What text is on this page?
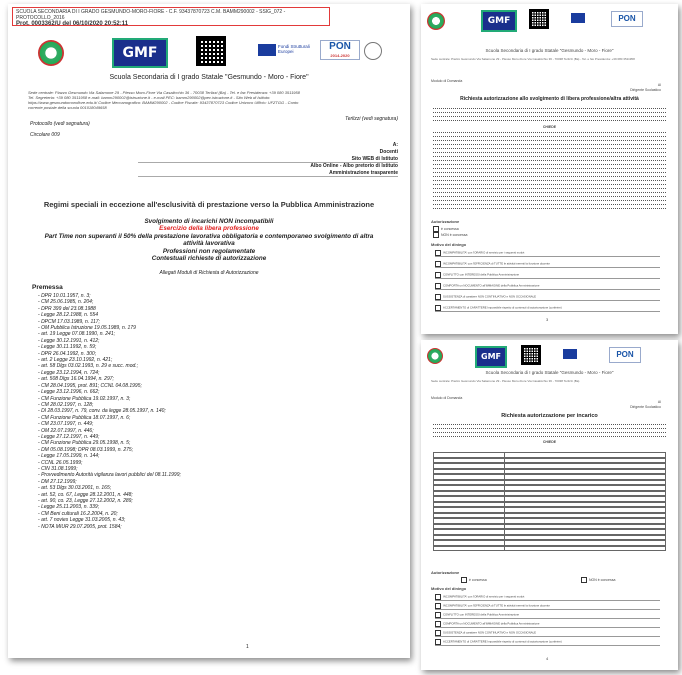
SCUOLA SECONDARIA DI I GRADO GESMUNDO-MORO-FIORE - C.F. 93437870723 C.M. BAMM290002 - SSIG_072 - PROTOCOLLO_2016
Prot. 0003362/U del 06/10/2020 20:52:11
GMF	Fondi Strutturali Europei	PON
2014-2020
Scuola Secondaria di I grado Statale "Gesmundo - Moro - Fiore"
Sede centrale: Piazzo Gesmundo Via Salamone 29 - Plesso Moro-Fiore Via Casalicchio 36 - 70038 Terlizzi (Ba) - Tel. e fax Presidenza: +39 080 3511958
Tel. Segreteria: +39 080 3511958 e-mail: bamm290002@istruzione.it - e-mail PEC: bamm290002@pec.istruzione.it - Sito Web di Istituto:
https://www.gesmundomorofiore.edu.it/ Codice Meccanografico: BAMM290002 - Codice Fiscale: 93437870723 Codice Univoco Ufficio: UFZTGG - Conto
corrente postale della scuola 001018049658
Terlizzi (vedi segnatura)
Protocollo (vedi segnatura)
Circolare 009
A:
Docenti
Sito WEB di Istituto
Albo Online - Albo pretorio di Istituto
Amministrazione trasparente
Regimi speciali in eccezione all'esclusività di prestazione verso la Pubblica Amministrazione
Svolgimento di incarichi NON incompatibili
Esercizio della libera professione
Part Time non superanti il 50% della prestazione lavorativa obbligatoria e contemporaneo svolgimento di altra attività lavorativa
Professioni non regolamentate
Contestuali richieste di autorizzazione
Allegati Moduli di Richiesta di Autorizzazione
Premessa
- DPR 10.01.1957, n. 3;
- CM 25.06.1985, n. 204;
- DPR 399 del 23.08.1988
- Legge 28.12.1988, n. 554
- DPCM 17.03.1989, n. 117;
- OM Pubblica Istruzione 19.05.1989, n. 179
- art. 19 Legge 07.08.1990, n. 241;
- Legge 30.12.1991, n. 412;
- Legge 30.11.1992, n. 59;
- DPR 26.04.1992, n. 300;
- art. 2 Legge 23.10.1992, n. 421;
- art. 58 Dlgs 03.02.1993, n. 29 e succ. mod.;
- Legge 23.12.1994, n. 724;
- art. 508 Dlgs 16.04.1994, n. 297;
- CM 28.04.1995, prot. 891; CCNL 04.08.1995;
- Legge 23.12.1996, n. 662;
- CM Funzione Pubblica 19.02.1997, n. 3;
- CM 28.02.1997, n. 128;
- DI 28.03.1997, n. 79, conv. da legge 28.05.1997, n. 140;
- CM Funzione Pubblica 18.07.1997, n. 6;
- CM 23.07.1997, n. 449;
- OM 22.07.1997, n. 446;
- Legge 27.12.1997, n. 449;
- CM Funzione Pubblica 29.05.1998, n. 5;
- DM 05.08.1998; DPR 08.03.1999, n. 275;
- Legge 17.05.1999, n. 144;
- CCNL 26.05.1999;
- CIN 31.08.1999;
- Provvedimento Autorità vigilanza lavori pubblici del 08.11.1999;
- DM 27.12.1999;
- art. 53 Dlgs 30.03.2001, n. 165;
- art. 52, co. 67, Legge 28.12.2001, n. 448;
- art. 90, co. 23, Legge 27.12.2002, n. 289;
- Legge 25.11.2003, n. 339;
- CM Beni culturali 16.2.2004, n. 20;
- art. 7 novies Legge 31.03.2005, n. 43;
- NOTA MIUR 29.07.2005, prot. 1584;
1
GMF	PON
Scuola Secondaria di I grado Statale "Gesmundo - Moro - Fiore"
Sede centrale: Piazzo Gesmundo Via Salamone 29 - Plesso Moro-Fiore Via Casalicchio 36 - 70038 Terlizzi (Ba) - Tel. e fax Presidenza: +39 080 3511958
Modulo di Domanda
Al
Dirigente Scolastico
Richiesta autorizzazione allo svolgimento di libera professione/altra attività
CHIEDE
Autorizzazione
è concessa
NON è concessa
Motivo del diniego
INCOMPATIBILITA' con l'ORARIO di servizio per i seguenti motivi:
INCOMPATIBILITA' con l'EFFICIENZA di TUTTE le attività inerenti la funzione docente
CONFLITTO con INTERESSI della Pubblica Amministrazione
COMPORTA un NOCUMENTO all'IMMAGINE della Pubblica Amministrazione
SUSSISTENZA di carattere NON CONTINUATIVO e NON OCCASIONALE
ACCERTAMENTO di CARATTERE Impossibile rispetto di contenuti di autorizzazione (conferire)
3
GMF	PON
Scuola Secondaria di I grado Statale "Gesmundo - Moro - Fiore"
Sede centrale: Piazzo Gesmundo Via Salamone 29 - Plesso Moro-Fiore Via Casalicchio 36 - 70038 Terlizzi (Ba)
Modulo di Domanda
Al
Dirigente Scolastico
Richiesta autorizzazione per incarico
CHIEDE
Autorizzazione
è concessa	NON è concessa
Motivo del diniego
INCOMPATIBILITA' con l'ORARIO di servizio per i seguenti motivi:
INCOMPATIBILITA' con l'EFFICIENZA di TUTTE le attività inerenti la funzione docente
CONFLITTO con INTERESSI della Pubblica Amministrazione
COMPORTA un NOCUMENTO all'IMMAGINE della Pubblica Amministrazione
SUSSISTENZA di carattere NON CONTINUATIVO e NON OCCASIONALE
ACCERTAMENTO di CARATTERE Impossibile rispetto di contenuti di autorizzazione (conferire)
4
